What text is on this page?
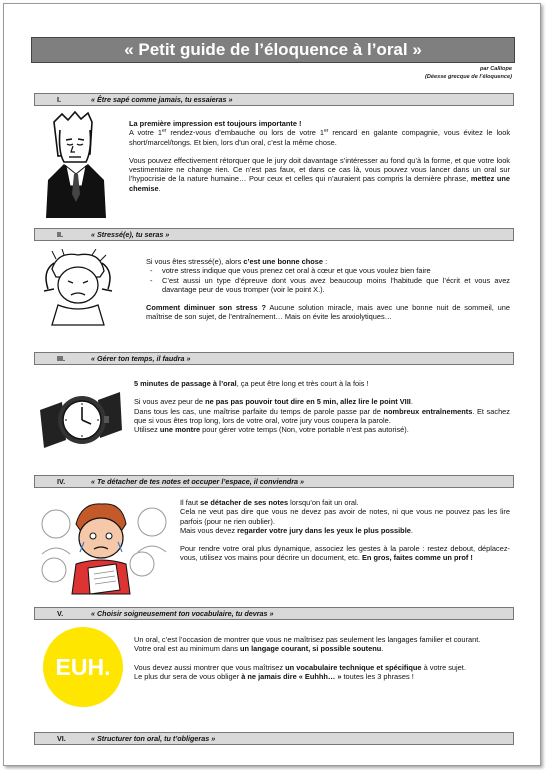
« Petit guide de l’éloquence à l’oral »
par Calliope
(Déesse grecque de l’éloquence)
I.	« Être sapé comme jamais, tu essaieras »

La première impression est toujours importante !

A votre 1er rendez-vous d’embauche ou lors de votre 1er rencard en galante compagnie, vous évitez le look short/marcel/tongs. Et bien, lors d’un oral, c’est la même chose.

Vous pouvez effectivement rétorquer que le jury doit davantage s’intéresser au fond qu’à la forme, et que votre look vestimentaire ne change rien. Ce n’est pas faux, et dans ce cas là, vous pouvez vous lancer dans un oral sur l’hypocrisie de la nature humaine… Pour ceux et celles qui n’auraient pas compris la dernière phrase, mettez une chemise.

II.	« Stressé(e), tu seras »

Si vous êtes stressé(e), alors c’est une bonne chose :

- votre stress indique que vous prenez cet oral à cœur et que vous voulez bien faire
- C’est aussi un type d’épreuve dont vous avez beaucoup moins l’habitude que l’écrit et vous avez davantage peur de vous tromper (voir le point X.).

Comment diminuer son stress ? Aucune solution miracle, mais avec une bonne nuit de sommeil, une maîtrise de son sujet, de l’entraînement… Mais on évite les anxiolytiques…

III.	« Gérer ton temps, il faudra »

5 minutes de passage à l’oral, ça peut être long et très court à la fois !

Si vous avez peur de ne pas pas pouvoir tout dire en 5 min, allez lire le point VIII.

Dans tous les cas, une maîtrise parfaite du temps de parole passe par de nombreux entraînements. Et sachez que si vous êtes trop long, lors de votre oral, votre jury vous coupera la parole.

Utilisez une montre pour gérer votre temps (Non, votre portable n’est pas autorisé).

IV.	« Te détacher de tes notes et occuper l’espace, il conviendra »

Il faut se détacher de ses notes lorsqu’on fait un oral.

Cela ne veut pas dire que vous ne devez pas avoir de notes, ni que vous ne pouvez pas les lire parfois (pour ne rien oublier).

Mais vous devez regarder votre jury dans les yeux le plus possible.

Pour rendre votre oral plus dynamique, associez les gestes à la parole : restez debout, déplacez-vous, utilisez vos mains pour décrire un document, etc. En gros, faites comme un prof !

V.	« Choisir soigneusement ton vocabulaire, tu devras »
EUH.

Un oral, c’est l’occasion de montrer que vous ne maîtrisez pas seulement les langages familier et courant.

Votre oral est au minimum dans un langage courant, si possible soutenu.

Vous devez aussi montrer que vous maîtrisez un vocabulaire technique et spécifique à votre sujet.

Le plus dur sera de vous obliger à ne jamais dire « Euhhh… » toutes les 3 phrases !

VI.	« Structurer ton oral, tu t’obligeras »
